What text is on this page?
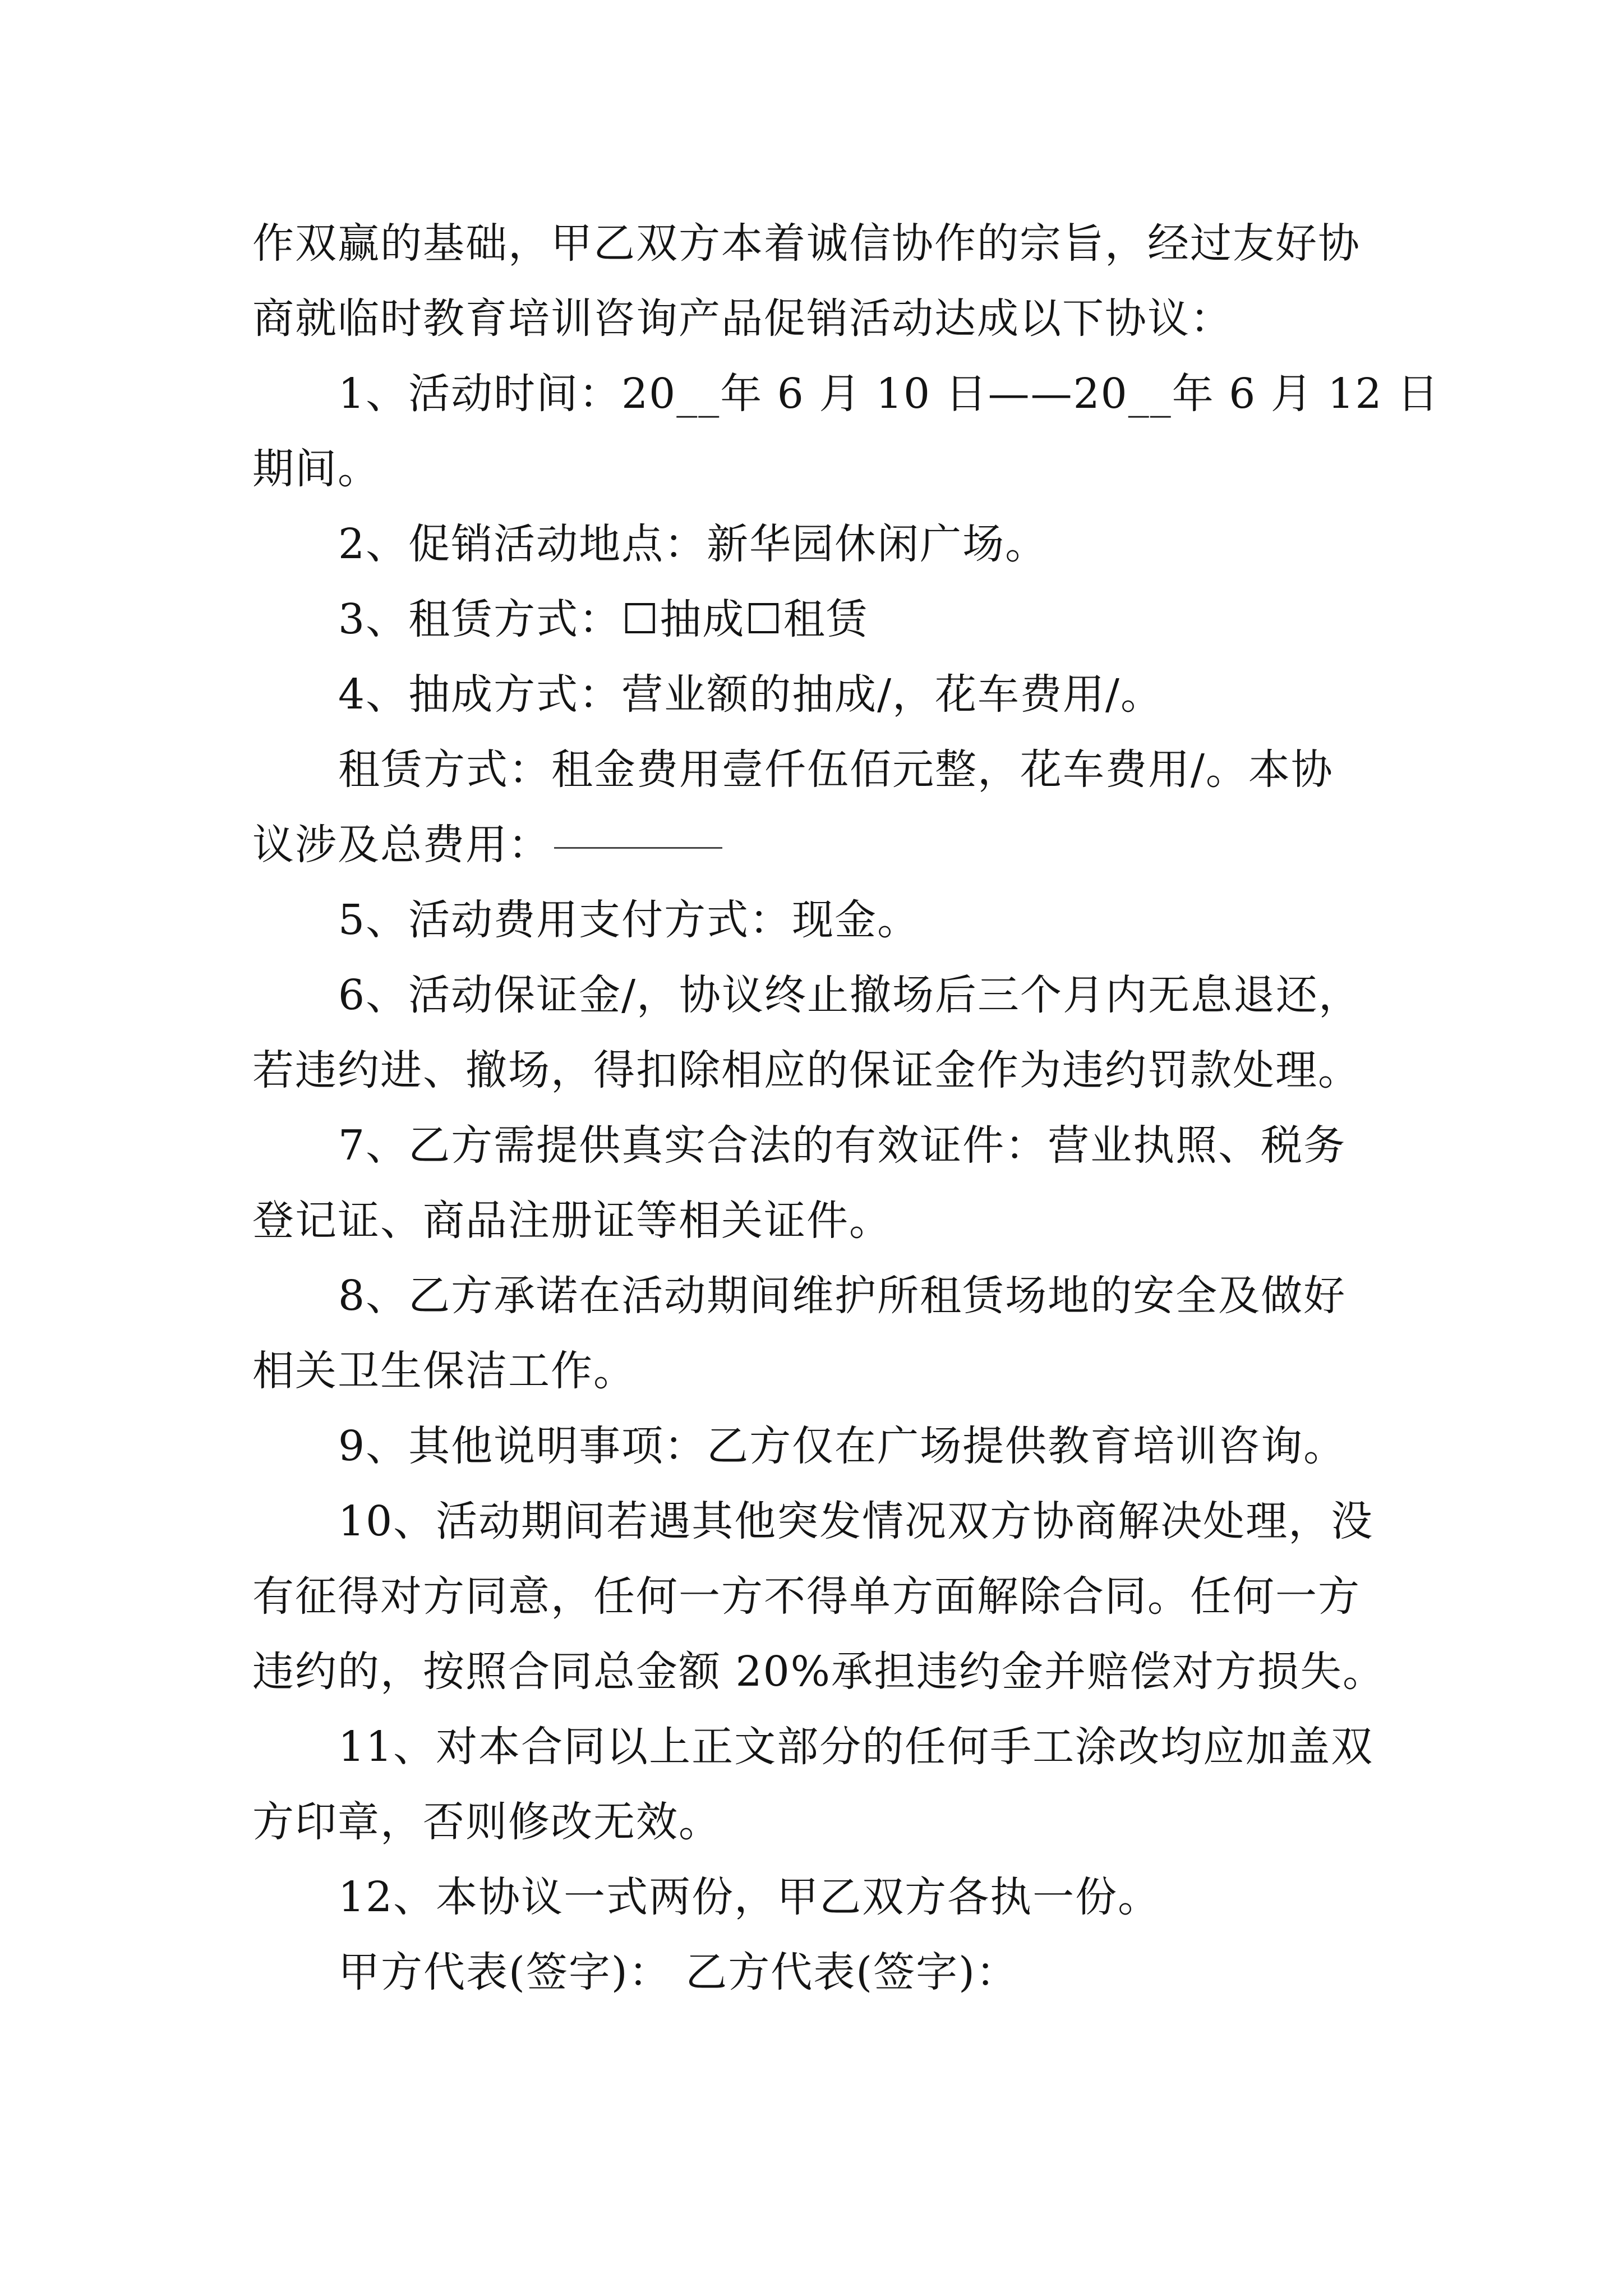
作双赢的基础，甲乙双方本着诚信协作的宗旨，经过友好协
商就临时教育培训咨询产品促销活动达成以下协议：
1、活动时间：20__年 6 月 10 日——20__年 6 月 12 日
期间。
2、促销活动地点：新华园休闲广场。
3、租赁方式：☐抽成☐租赁
4、抽成方式：营业额的抽成/，花车费用/。
租赁方式：租金费用壹仟伍佰元整，花车费用/。本协
议涉及总费用：
5、活动费用支付方式：现金。
6、活动保证金/，协议终止撤场后三个月内无息退还，
若违约进、撤场，得扣除相应的保证金作为违约罚款处理。
7、乙方需提供真实合法的有效证件：营业执照、税务
登记证、商品注册证等相关证件。
8、乙方承诺在活动期间维护所租赁场地的安全及做好
相关卫生保洁工作。
9、其他说明事项：乙方仅在广场提供教育培训咨询。
10、活动期间若遇其他突发情况双方协商解决处理，没
有征得对方同意，任何一方不得单方面解除合同。任何一方
违约的，按照合同总金额 20%承担违约金并赔偿对方损失。
11、对本合同以上正文部分的任何手工涂改均应加盖双
方印章，否则修改无效。
12、本协议一式两份，甲乙双方各执一份。
甲方代表(签字)： 乙方代表(签字)：
